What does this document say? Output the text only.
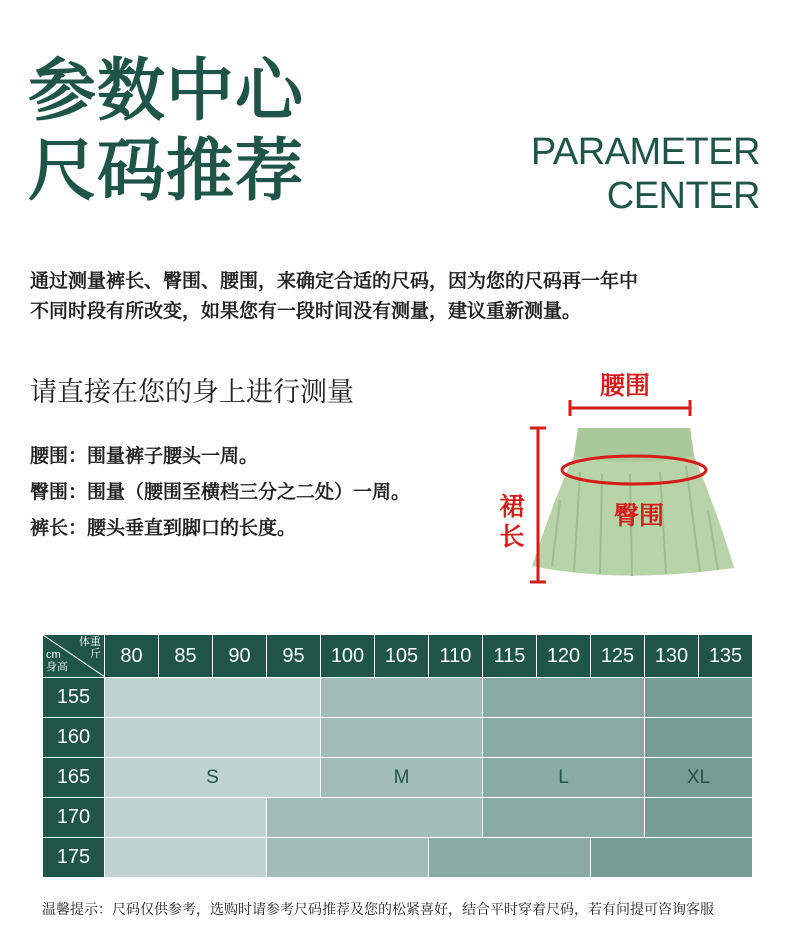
参数中心
尺码推荐	PARAMETER
CENTER
通过测量裤长、臀围、腰围，来确定合适的尺码，因为您的尺码再一年中
不同时段有所改变，如果您有一段时间没有测量，建议重新测量。
请直接在您的身上进行测量
腰围：围量裤子腰头一周。
臀围：围量（腰围至横档三分之二处）一周。
裤长：腰头垂直到脚口的长度。
腰围
臀围
裙长
体重
斤
cm
身高	80	85	90	95	100	105	110	115	120	125	130	135
155												
160												
165	S				M			L			XL	
170												
175												
温馨提示：尺码仅供参考，选购时请参考尺码推荐及您的松紧喜好，结合平时穿着尺码，若有问提可咨询客服
